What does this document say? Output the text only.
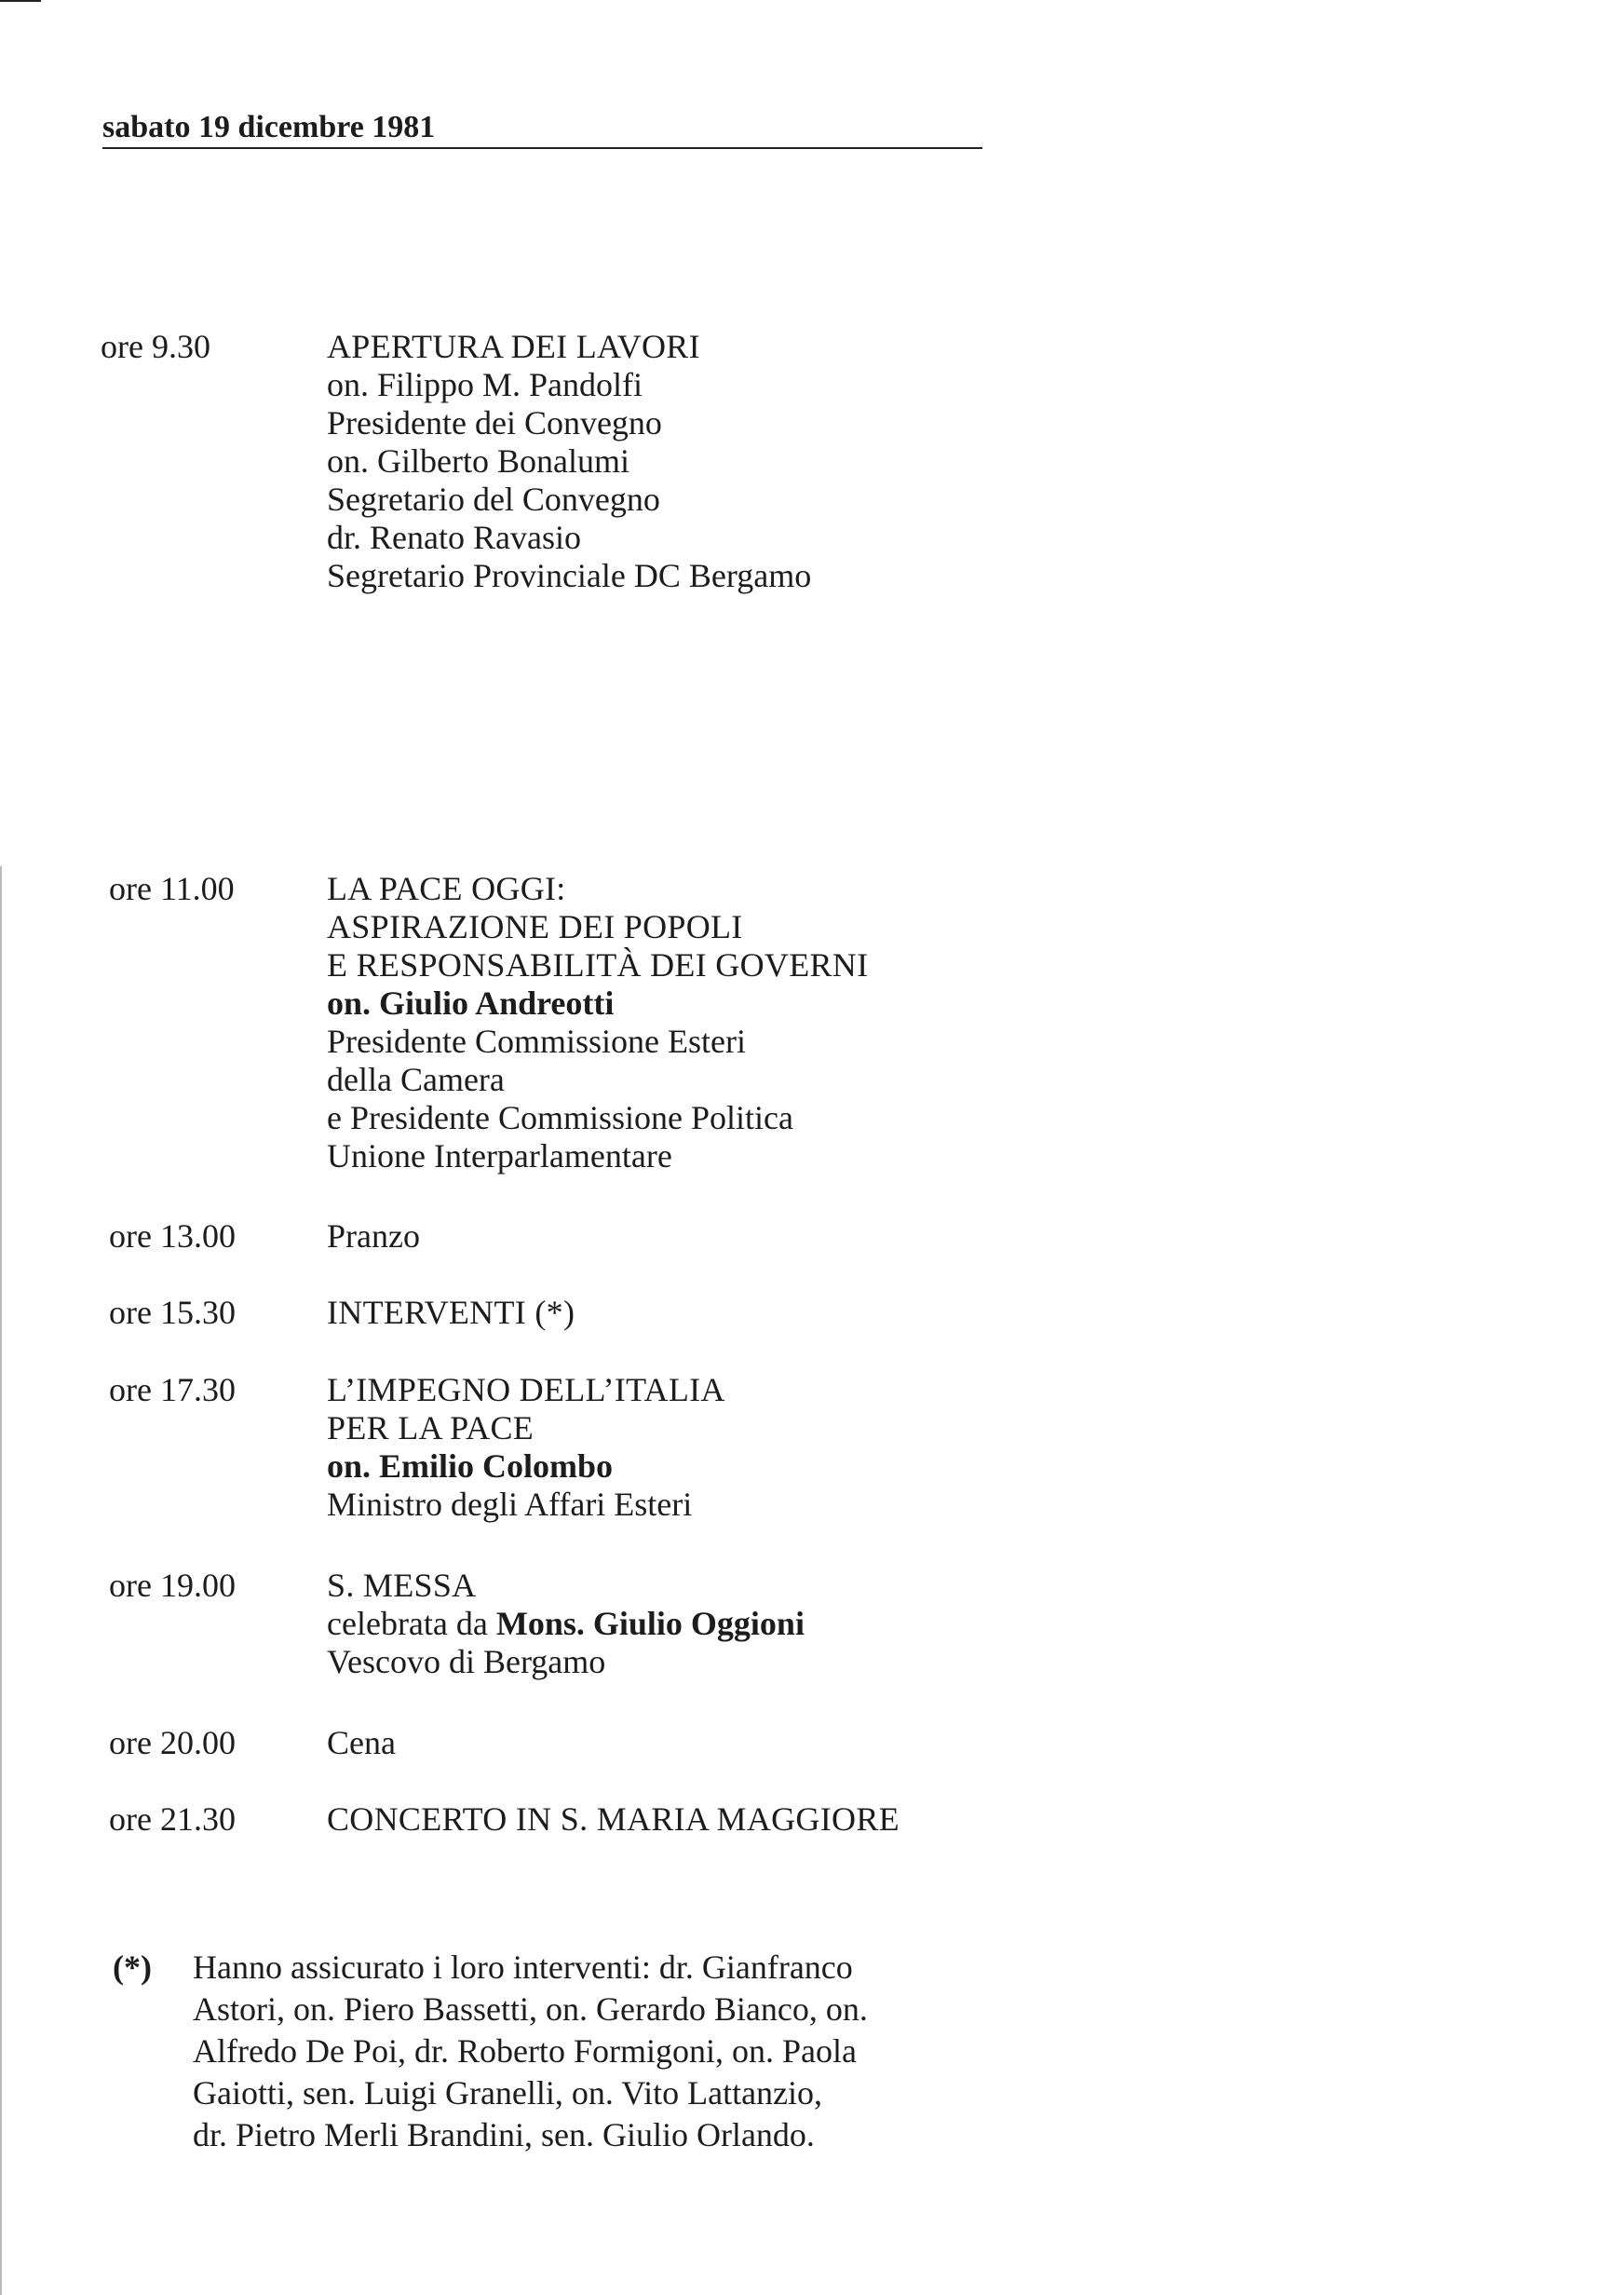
sabato 19 dicembre 1981
ore 9.30	APERTURA DEI LAVORI
on. Filippo M. Pandolfi
Presidente dei Convegno
on. Gilberto Bonalumi
Segretario del Convegno
dr. Renato Ravasio
Segretario Provinciale DC Bergamo
ore 11.00	LA PACE OGGI:
ASPIRAZIONE DEI POPOLI
E RESPONSABILITÀ DEI GOVERNI
on. Giulio Andreotti
Presidente Commissione Esteri
della Camera
e Presidente Commissione Politica
Unione Interparlamentare
ore 13.00	Pranzo
ore 15.30	INTERVENTI (*)
ore 17.30	L’IMPEGNO DELL’ITALIA
PER LA PACE
on. Emilio Colombo
Ministro degli Affari Esteri
ore 19.00	S. MESSA
celebrata da Mons. Giulio Oggioni
Vescovo di Bergamo
ore 20.00	Cena
ore 21.30	CONCERTO IN S. MARIA MAGGIORE
(*) Hanno assicurato i loro interventi: dr. Gianfranco
Astori, on. Piero Bassetti, on. Gerardo Bianco, on.
Alfredo De Poi, dr. Roberto Formigoni, on. Paola
Gaiotti, sen. Luigi Granelli, on. Vito Lattanzio,
dr. Pietro Merli Brandini, sen. Giulio Orlando.
